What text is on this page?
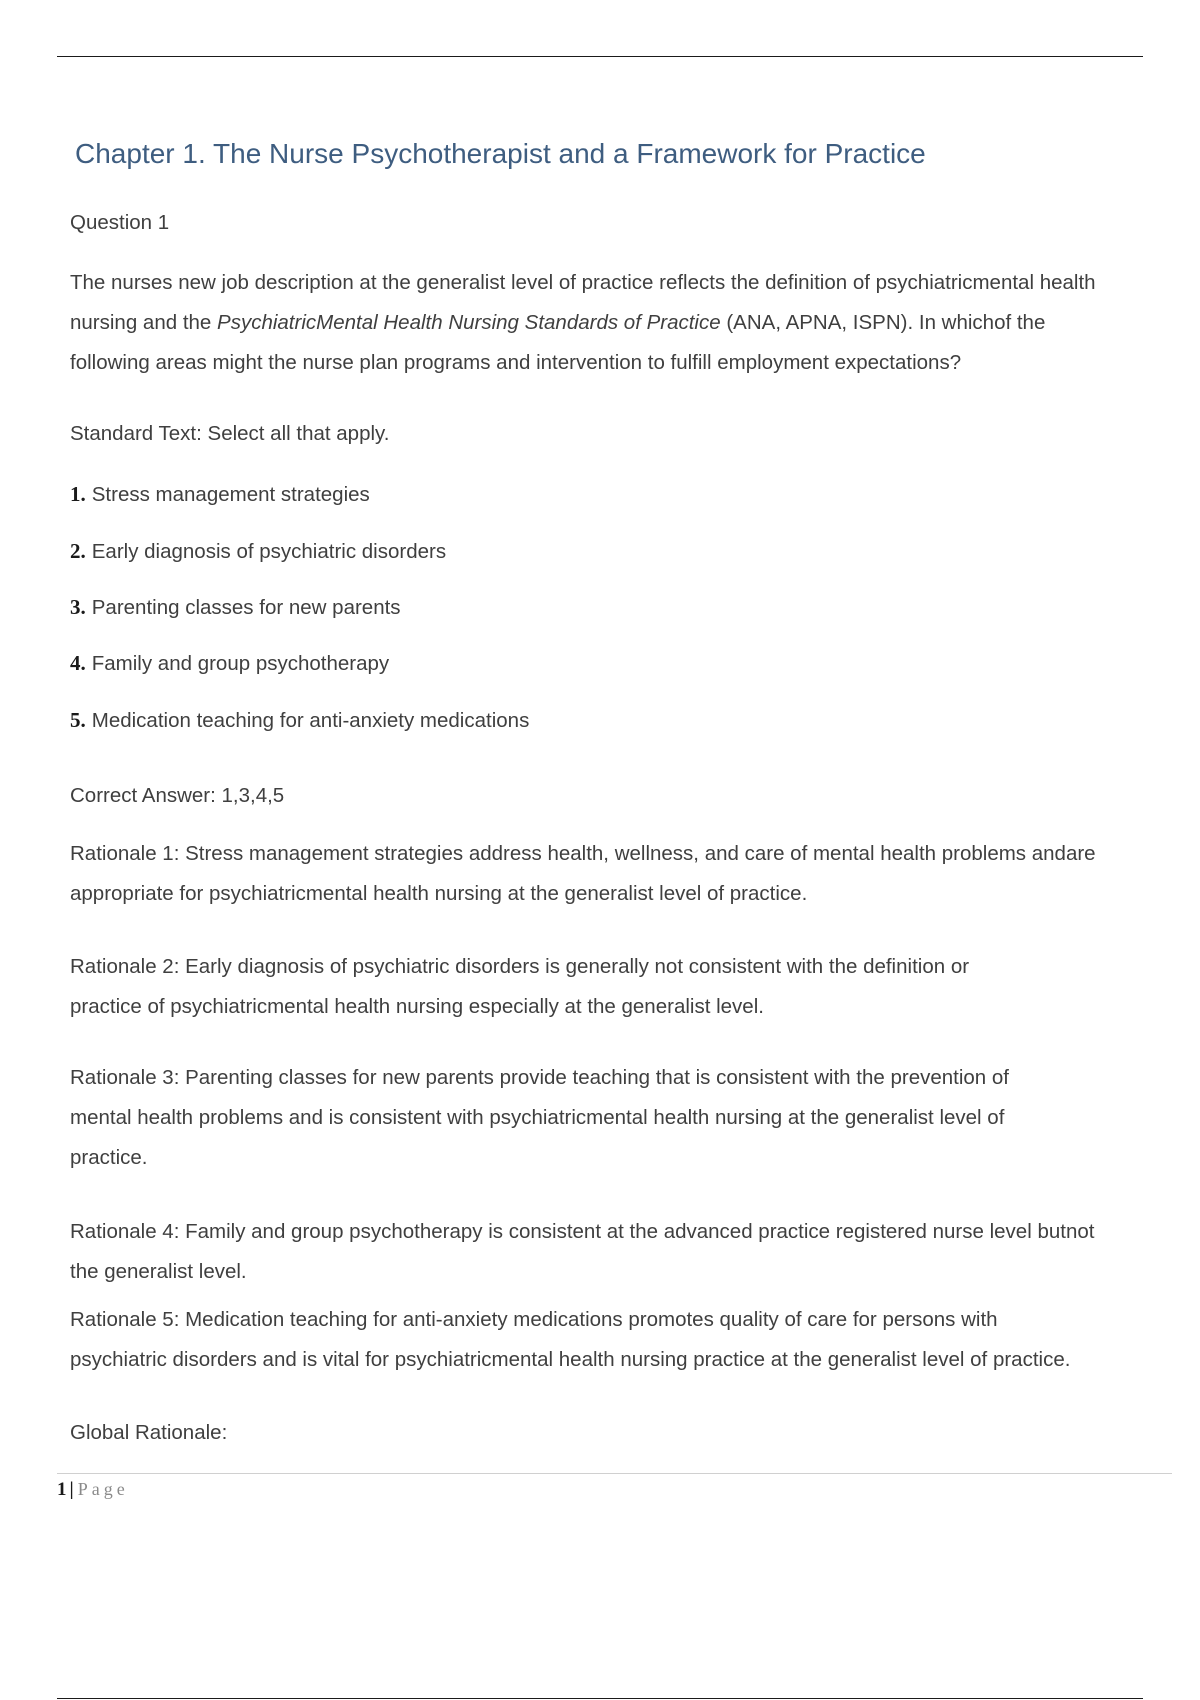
Chapter 1. The Nurse Psychotherapist and a Framework for Practice

Question 1

The nurses new job description at the generalist level of practice reflects the definition of psychiatricmental health
nursing and the PsychiatricMental Health Nursing Standards of Practice (ANA, APNA, ISPN). In whichof the
following areas might the nurse plan programs and intervention to fulfill employment expectations?

Standard Text: Select all that apply.

1. Stress management strategies
2. Early diagnosis of psychiatric disorders
3. Parenting classes for new parents
4. Family and group psychotherapy
5. Medication teaching for anti-anxiety medications

Correct Answer: 1,3,4,5

Rationale 1: Stress management strategies address health, wellness, and care of mental health problems andare
appropriate for psychiatricmental health nursing at the generalist level of practice.

Rationale 2: Early diagnosis of psychiatric disorders is generally not consistent with the definition or
practice of psychiatricmental health nursing especially at the generalist level.

Rationale 3: Parenting classes for new parents provide teaching that is consistent with the prevention of
mental health problems and is consistent with psychiatricmental health nursing at the generalist level of
practice.

Rationale 4: Family and group psychotherapy is consistent at the advanced practice registered nurse level butnot
the generalist level.

Rationale 5: Medication teaching for anti-anxiety medications promotes quality of care for persons with
psychiatric disorders and is vital for psychiatricmental health nursing practice at the generalist level of practice.

Global Rationale:

1 | Page
